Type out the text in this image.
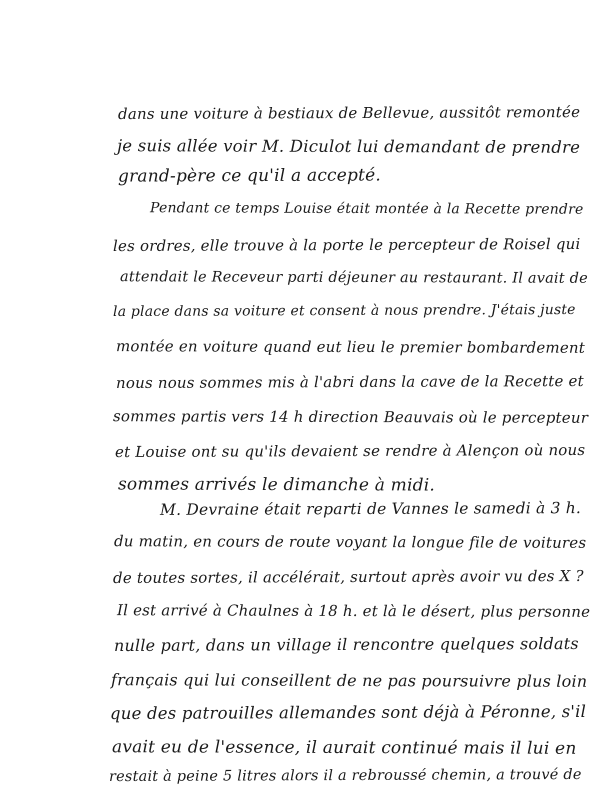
dans une voiture à bestiaux de Bellevue, aussitôt remontée
je suis allée voir M. Diculot lui demandant de prendre
grand-père ce qu'il a accepté.
Pendant ce temps Louise était montée à la Recette prendre
les ordres, elle trouve à la porte le percepteur de Roisel qui
attendait le Receveur parti déjeuner au restaurant. Il avait de
la place dans sa voiture et consent à nous prendre. J'étais juste
montée en voiture quand eut lieu le premier bombardement
nous nous sommes mis à l'abri dans la cave de la Recette et
sommes partis vers 14 h direction Beauvais où le percepteur
et Louise ont su qu'ils devaient se rendre à Alençon où nous
sommes arrivés le dimanche à midi.
M. Devraine était reparti de Vannes le samedi à 3 h.
du matin, en cours de route voyant la longue file de voitures
de toutes sortes, il accélérait, surtout après avoir vu des X ?
Il est arrivé à Chaulnes à 18 h. et là le désert, plus personne
nulle part, dans un village il rencontre quelques soldats
français qui lui conseillent de ne pas poursuivre plus loin
que des patrouilles allemandes sont déjà à Péronne, s'il
avait eu de l'essence, il aurait continué mais il lui en
restait à peine 5 litres alors il a rebroussé chemin, a trouvé de
